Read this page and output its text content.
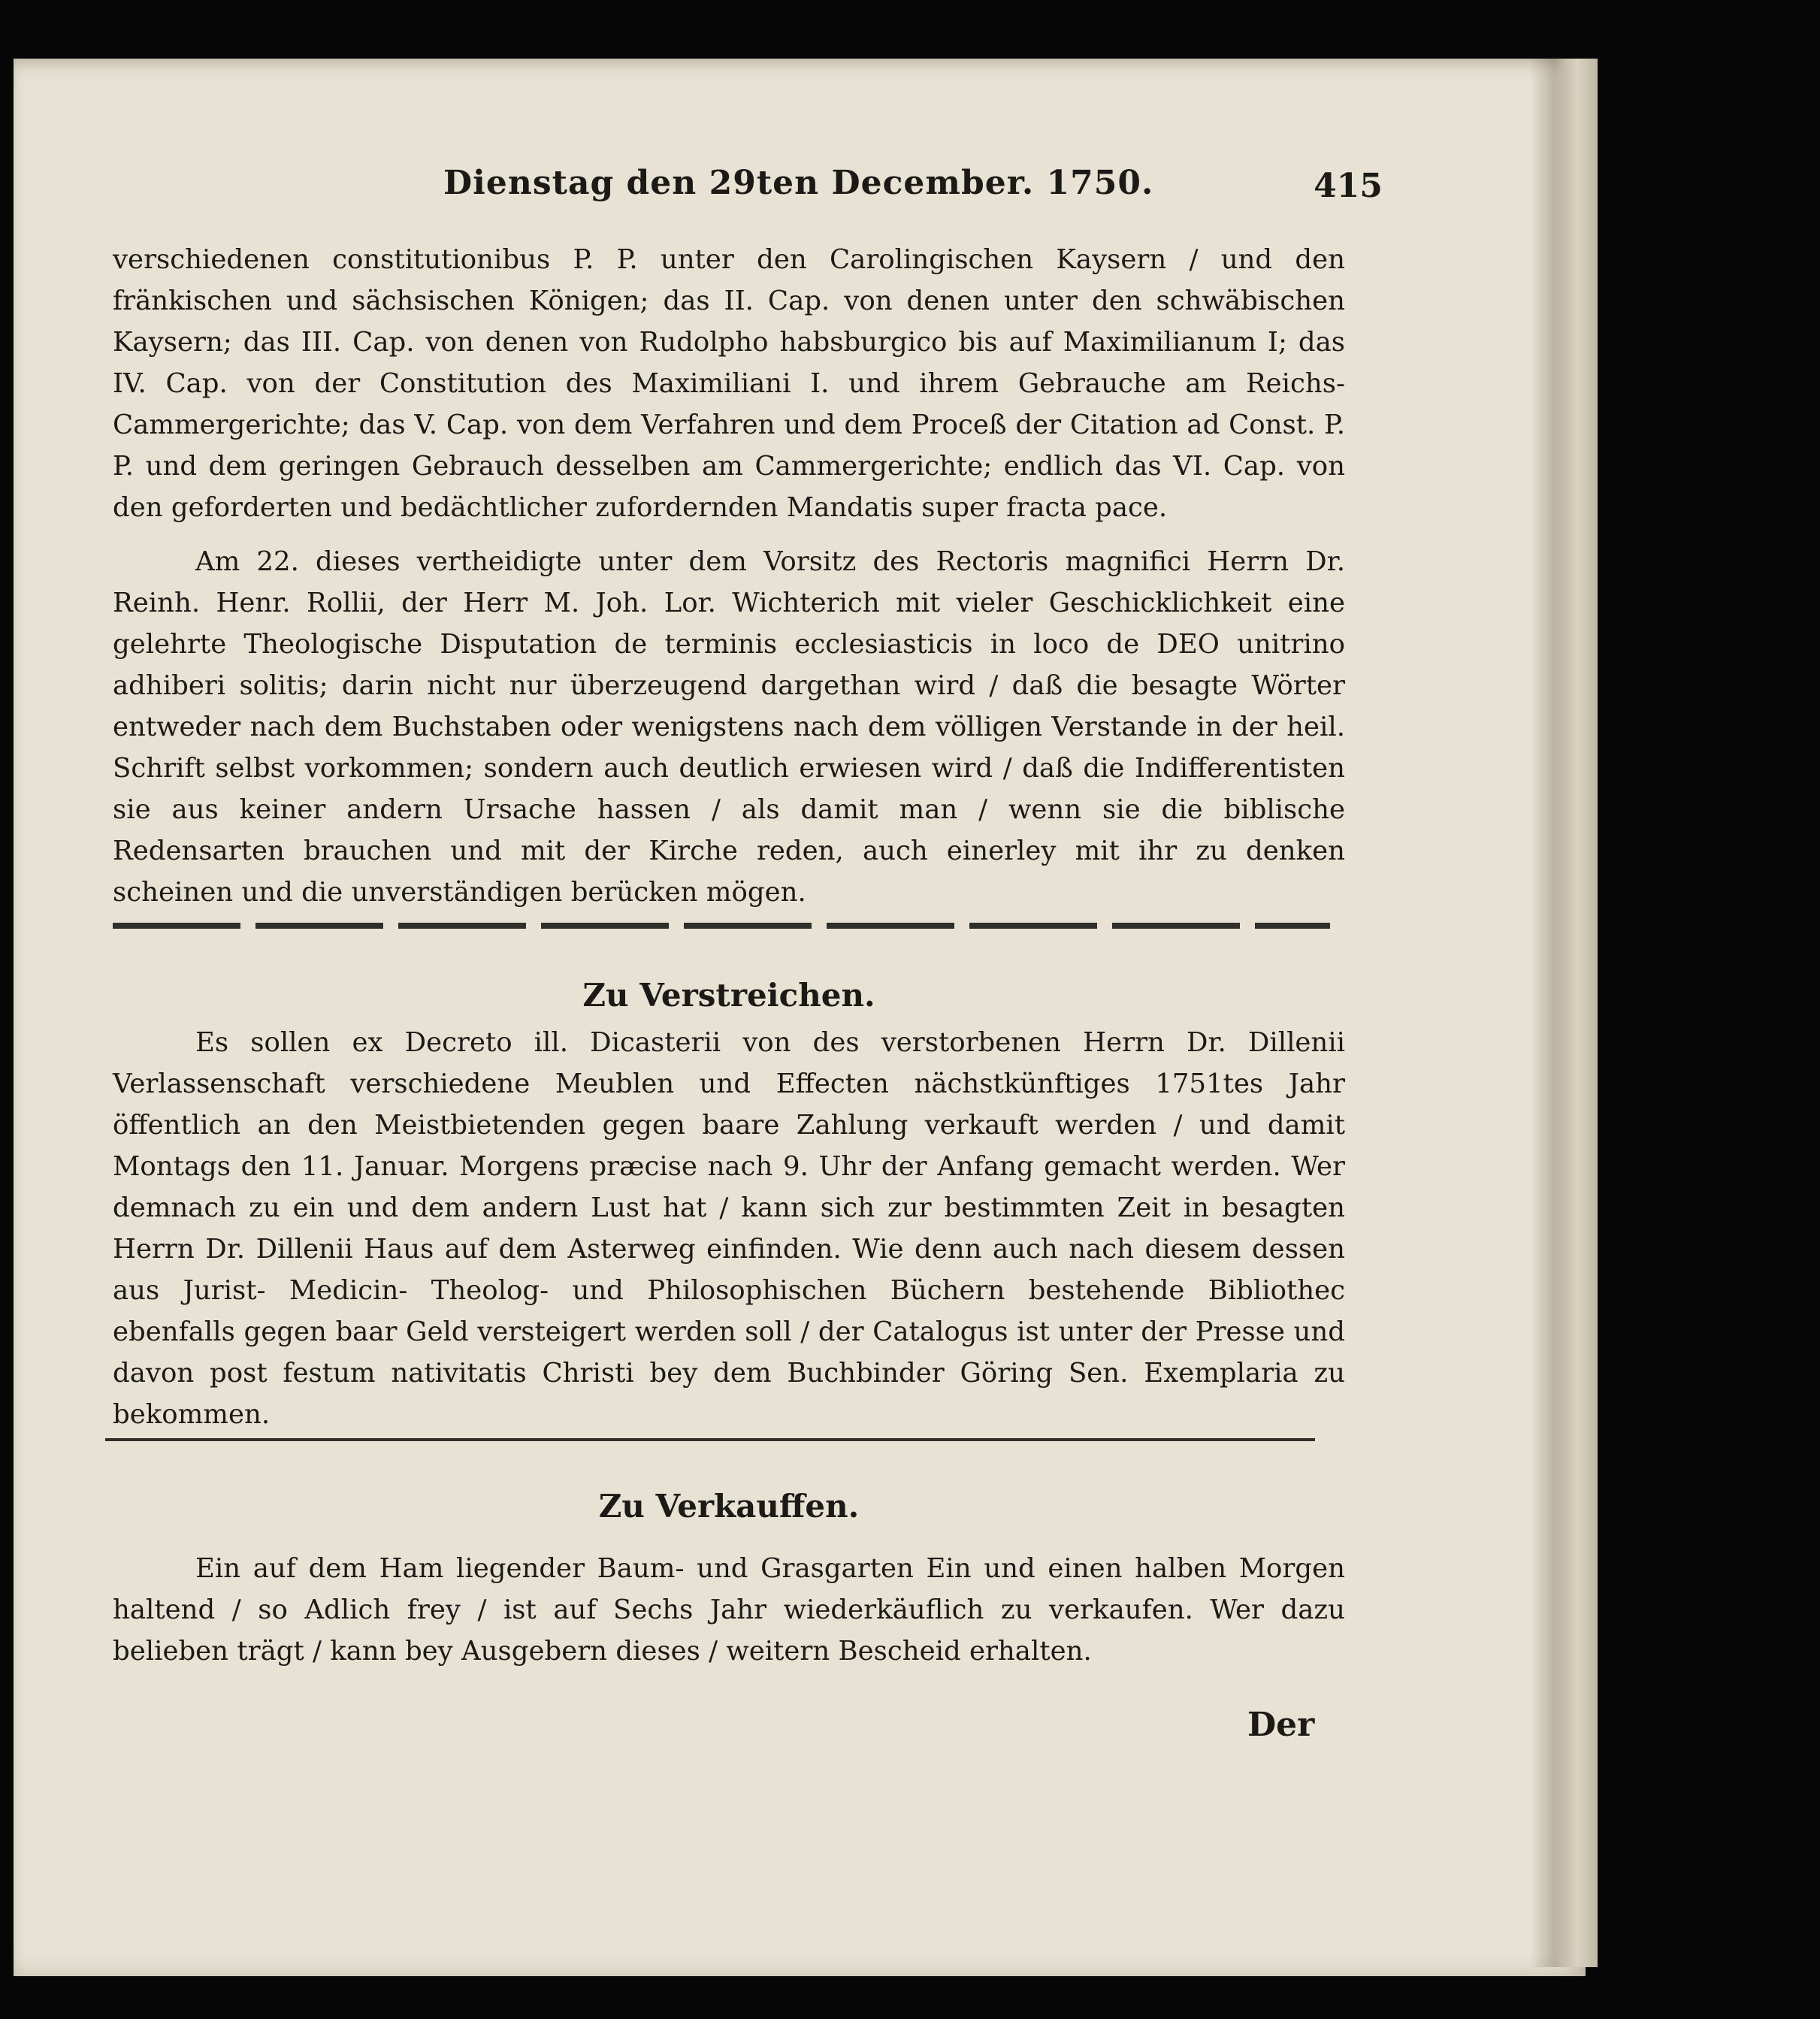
Dienstag den 29ten December. 1750.	415

verschiedenen constitutionibus P. P. unter den Carolingischen Kaysern / und den fränkischen und sächsischen Königen; das II. Cap. von denen unter den schwäbischen Kaysern; das III. Cap. von denen von Rudolpho habsburgico bis auf Maximilianum I; das IV. Cap. von der Constitution des Maximiliani I. und ihrem Gebrauche am Reichs-Cammergerichte; das V. Cap. von dem Verfahren und dem Proceß der Citation ad Const. P. P. und dem geringen Gebrauch desselben am Cammergerichte; endlich das VI. Cap. von den geforderten und bedächtlicher zufordernden Mandatis super fracta pace.

Am 22. dieses vertheidigte unter dem Vorsitz des Rectoris magnifici Herrn Dr. Reinh. Henr. Rollii, der Herr M. Joh. Lor. Wichterich mit vieler Geschicklichkeit eine gelehrte Theologische Disputation de terminis ecclesiasticis in loco de DEO unitrino adhiberi solitis; darin nicht nur überzeugend dargethan wird / daß die besagte Wörter entweder nach dem Buchstaben oder wenigstens nach dem völligen Verstande in der heil. Schrift selbst vorkommen; sondern auch deutlich erwiesen wird / daß die Indifferentisten sie aus keiner andern Ursache hassen / als damit man / wenn sie die biblische Redensarten brauchen und mit der Kirche reden, auch einerley mit ihr zu denken scheinen und die unverständigen berücken mögen.

Zu Verstreichen.

Es sollen ex Decreto ill. Dicasterii von des verstorbenen Herrn Dr. Dillenii Verlassenschaft verschiedene Meublen und Effecten nächstkünftiges 1751tes Jahr öffentlich an den Meistbietenden gegen baare Zahlung verkauft werden / und damit Montags den 11. Januar. Morgens præcise nach 9. Uhr der Anfang gemacht werden. Wer demnach zu ein und dem andern Lust hat / kann sich zur bestimmten Zeit in besagten Herrn Dr. Dillenii Haus auf dem Asterweg einfinden. Wie denn auch nach diesem dessen aus Jurist- Medicin- Theolog- und Philosophischen Büchern bestehende Bibliothec ebenfalls gegen baar Geld versteigert werden soll / der Catalogus ist unter der Presse und davon post festum nativitatis Christi bey dem Buchbinder Göring Sen. Exemplaria zu bekommen.

Zu Verkauffen.

Ein auf dem Ham liegender Baum- und Grasgarten Ein und einen halben Morgen haltend / so Adlich frey / ist auf Sechs Jahr wiederkäuflich zu verkaufen. Wer dazu belieben trägt / kann bey Ausgebern dieses / weitern Bescheid erhalten.

Der
